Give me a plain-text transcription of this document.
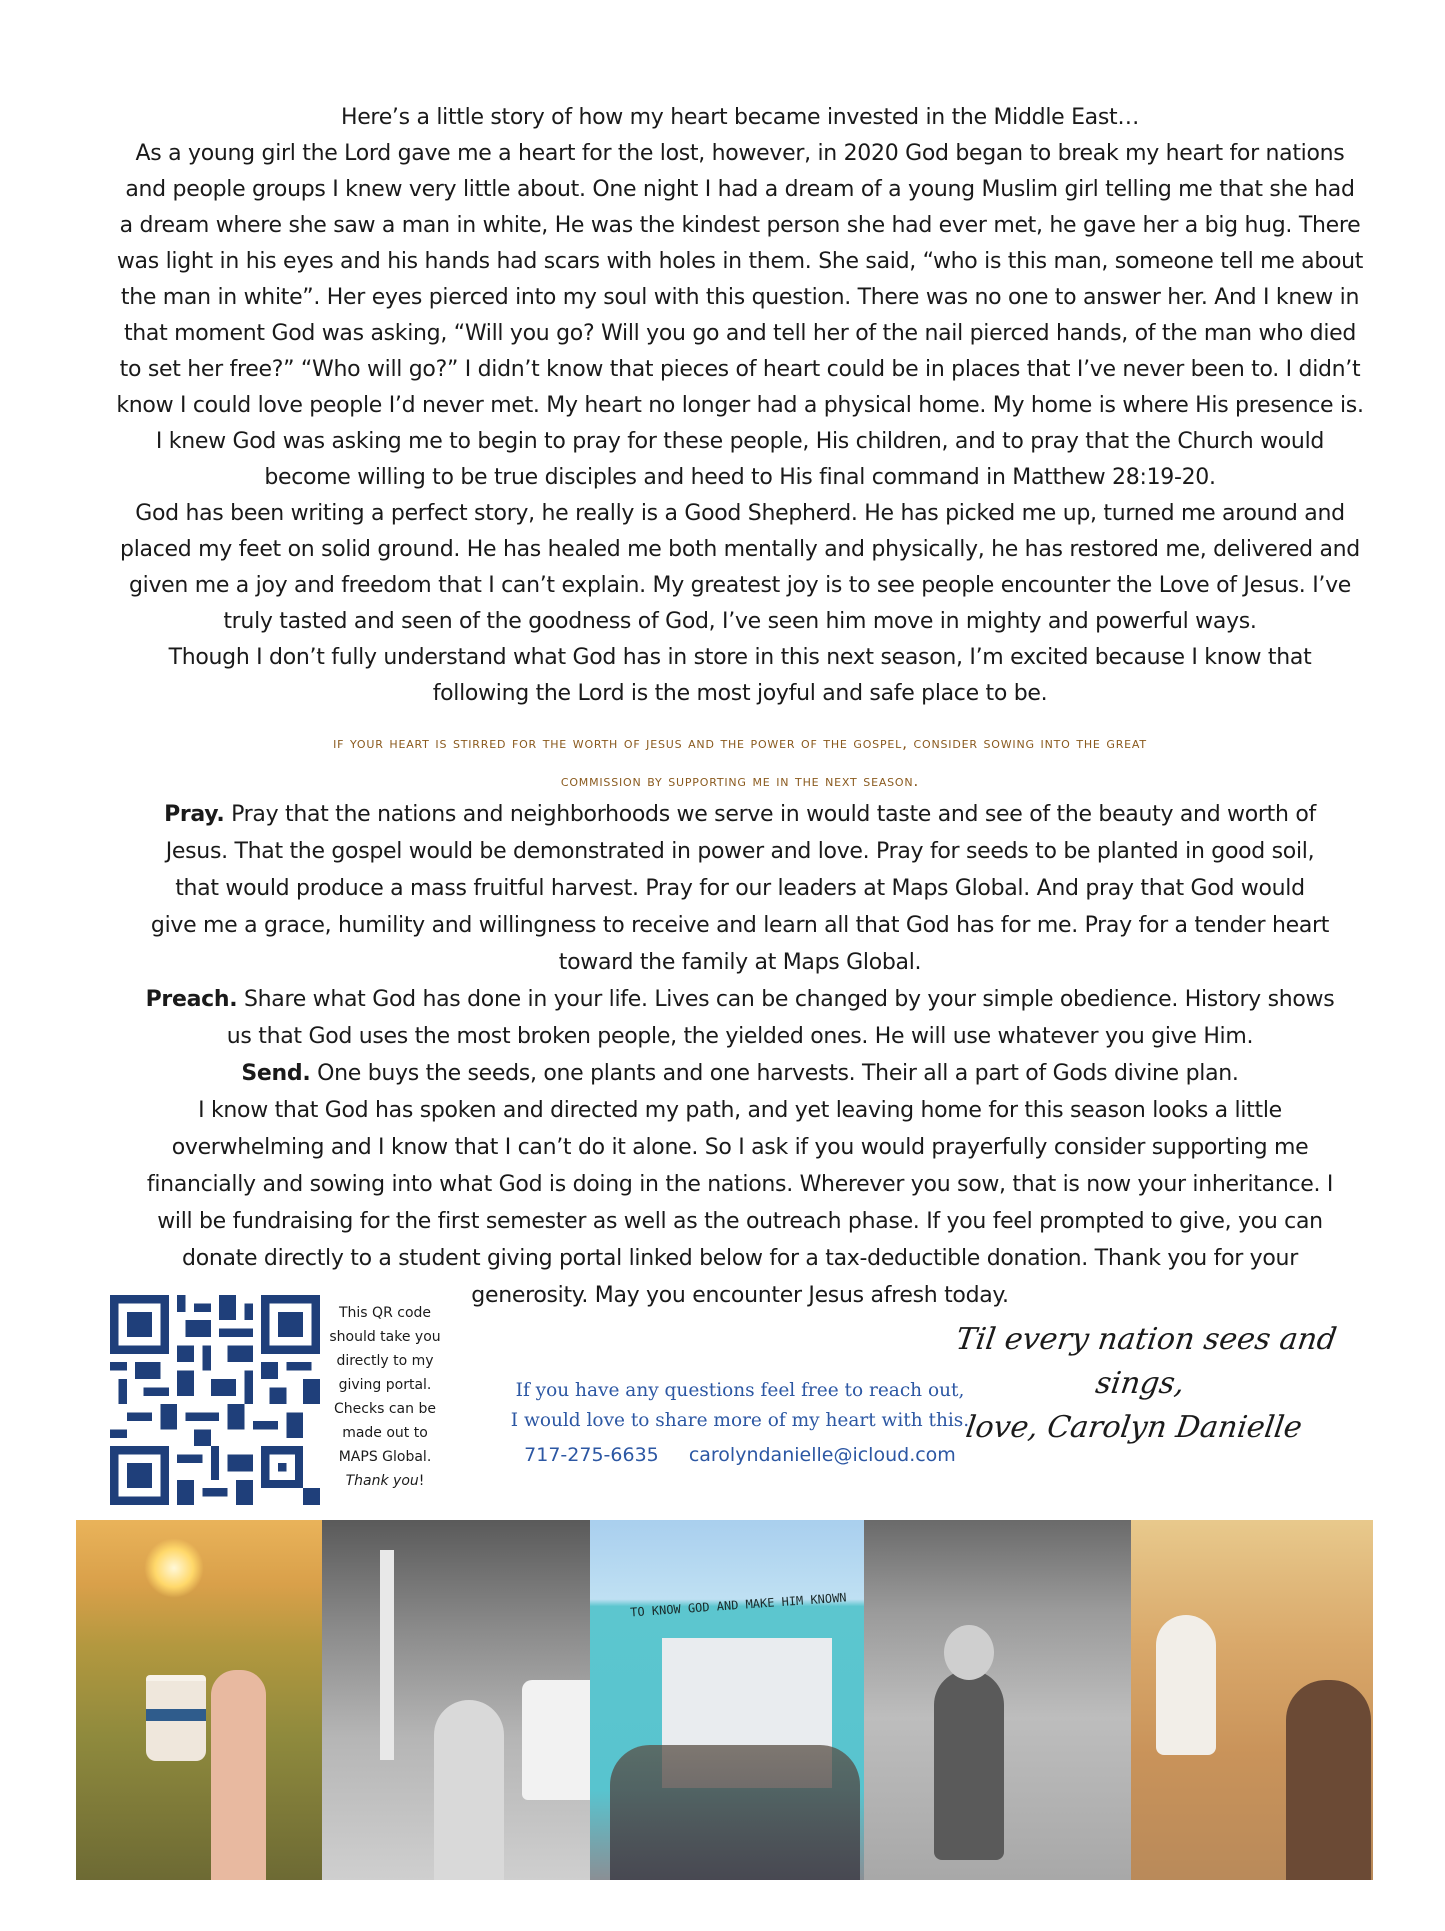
Here’s a little story of how my heart became invested in the Middle East…

As a young girl the Lord gave me a heart for the lost, however, in 2020 God began to break my heart for nations

and people groups I knew very little about. One night I had a dream of a young Muslim girl telling me that she had

a dream where she saw a man in white, He was the kindest person she had ever met, he gave her a big hug. There

was light in his eyes and his hands had scars with holes in them. She said, “who is this man, someone tell me about

the man in white”. Her eyes pierced into my soul with this question. There was no one to answer her. And I knew in

that moment God was asking, “Will you go? Will you go and tell her of the nail pierced hands, of the man who died

to set her free?” “Who will go?” I didn’t know that pieces of heart could be in places that I’ve never been to. I didn’t

know I could love people I’d never met. My heart no longer had a physical home. My home is where His presence is.

I knew God was asking me to begin to pray for these people, His children, and to pray that the Church would

become willing to be true disciples and heed to His final command in Matthew 28:19-20.

God has been writing a perfect story, he really is a Good Shepherd. He has picked me up, turned me around and

placed my feet on solid ground. He has healed me both mentally and physically, he has restored me, delivered and

given me a joy and freedom that I can’t explain. My greatest joy is to see people encounter the Love of Jesus. I’ve

truly tasted and seen of the goodness of God, I’ve seen him move in mighty and powerful ways.

Though I don’t fully understand what God has in store in this next season, I’m excited because I know that

following the Lord is the most joyful and safe place to be.

if your heart is stirred for the worth of jesus and the power of the gospel, consider sowing into the great
commission by supporting me in the next season.

Pray. Pray that the nations and neighborhoods we serve in would taste and see of the beauty and worth of

Jesus. That the gospel would be demonstrated in power and love. Pray for seeds to be planted in good soil,

that would produce a mass fruitful harvest. Pray for our leaders at Maps Global. And pray that God would

give me a grace, humility and willingness to receive and learn all that God has for me. Pray for a tender heart

toward the family at Maps Global.

Preach. Share what God has done in your life. Lives can be changed by your simple obedience. History shows

us that God uses the most broken people, the yielded ones. He will use whatever you give Him.

Send. One buys the seeds, one plants and one harvests. Their all a part of Gods divine plan.

I know that God has spoken and directed my path, and yet leaving home for this season looks a little

overwhelming and I know that I can’t do it alone. So I ask if you would prayerfully consider supporting me

financially and sowing into what God is doing in the nations. Wherever you sow, that is now your inheritance. I

will be fundraising for the first semester as well as the outreach phase. If you feel prompted to give, you can

donate directly to a student giving portal linked below for a tax-deductible donation. Thank you for your

generosity. May you encounter Jesus afresh today.

This QR code
should take you
directly to my
giving portal.
Checks can be
made out to
MAPS Global.
Thank you!
If you have any questions feel free to reach out,
I would love to share more of my heart with this.
717-275-6635 carolyndanielle@icloud.com
Til every nation sees and sings,
love, Carolyn Danielle
TO KNOW GOD AND MAKE HIM KNOWN
